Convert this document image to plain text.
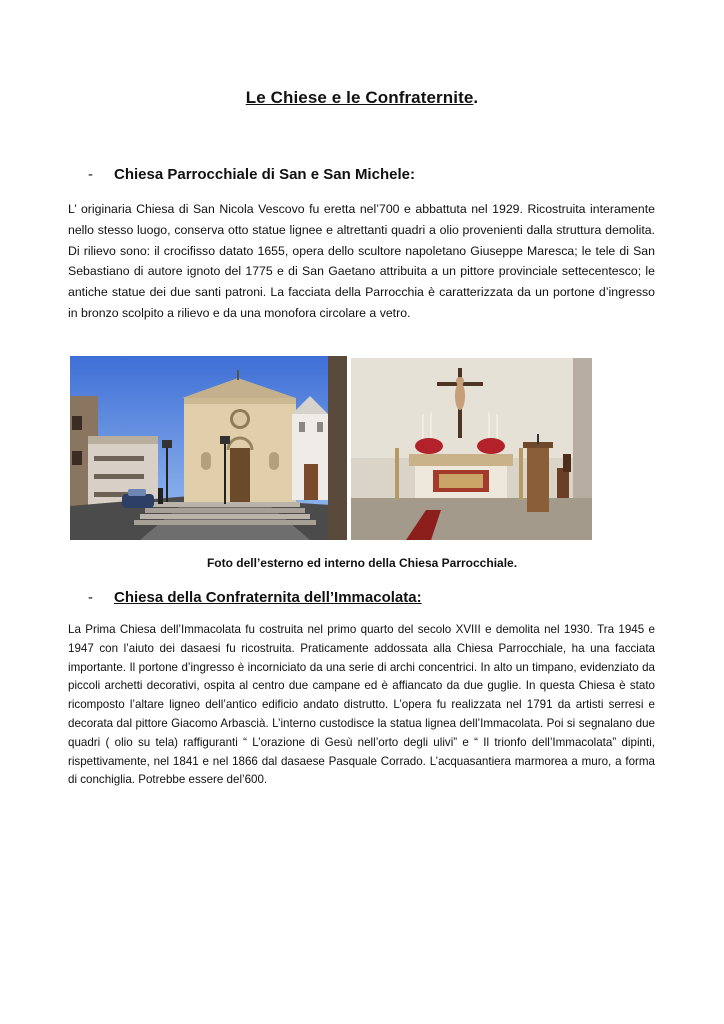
Le Chiese e le Confraternite.
- Chiesa Parrocchiale di San e San Michele:

L’ originaria Chiesa di San Nicola Vescovo fu eretta nel’700 e abbattuta nel 1929. Ricostruita interamente nello stesso luogo, conserva otto statue lignee e altrettanti quadri a olio provenienti dalla struttura demolita. Di rilievo sono: il crocifisso datato 1655, opera dello scultore napoletano Giuseppe Maresca; le tele di San Sebastiano di autore ignoto del 1775 e di San Gaetano attribuita a un pittore provinciale settecentesco; le antiche statue dei due santi patroni. La facciata della Parrocchia è caratterizzata da un portone d’ingresso in bronzo scolpito a rilievo e da una monofora circolare a vetro.

Foto dell’esterno ed interno della Chiesa Parrocchiale.
- Chiesa della Confraternita dell’Immacolata:

La Prima Chiesa dell’Immacolata fu costruita nel primo quarto del secolo XVIII e demolita nel 1930. Tra 1945 e 1947 con l’aiuto dei dasaesi fu ricostruita. Praticamente addossata alla Chiesa Parrocchiale, ha una facciata importante. Il portone d’ingresso è incorniciato da una serie di archi concentrici. In alto un timpano, evidenziato da piccoli archetti decorativi, ospita al centro due campane ed è affiancato da due guglie. In questa Chiesa è stato ricomposto l’altare ligneo dell’antico edificio andato distrutto. L’opera fu realizzata nel 1791 da artisti serresi e decorata dal pittore Giacomo Arbascià. L’interno custodisce la statua lignea dell’Immacolata. Poi si segnalano due quadri ( olio su tela) raffiguranti “ L’orazione di Gesù nell’orto degli ulivi” e “ Il trionfo dell’Immacolata” dipinti, rispettivamente, nel 1841 e nel 1866 dal dasaese Pasquale Corrado. L’acquasantiera marmorea a muro, a forma di conchiglia. Potrebbe essere del’600.
